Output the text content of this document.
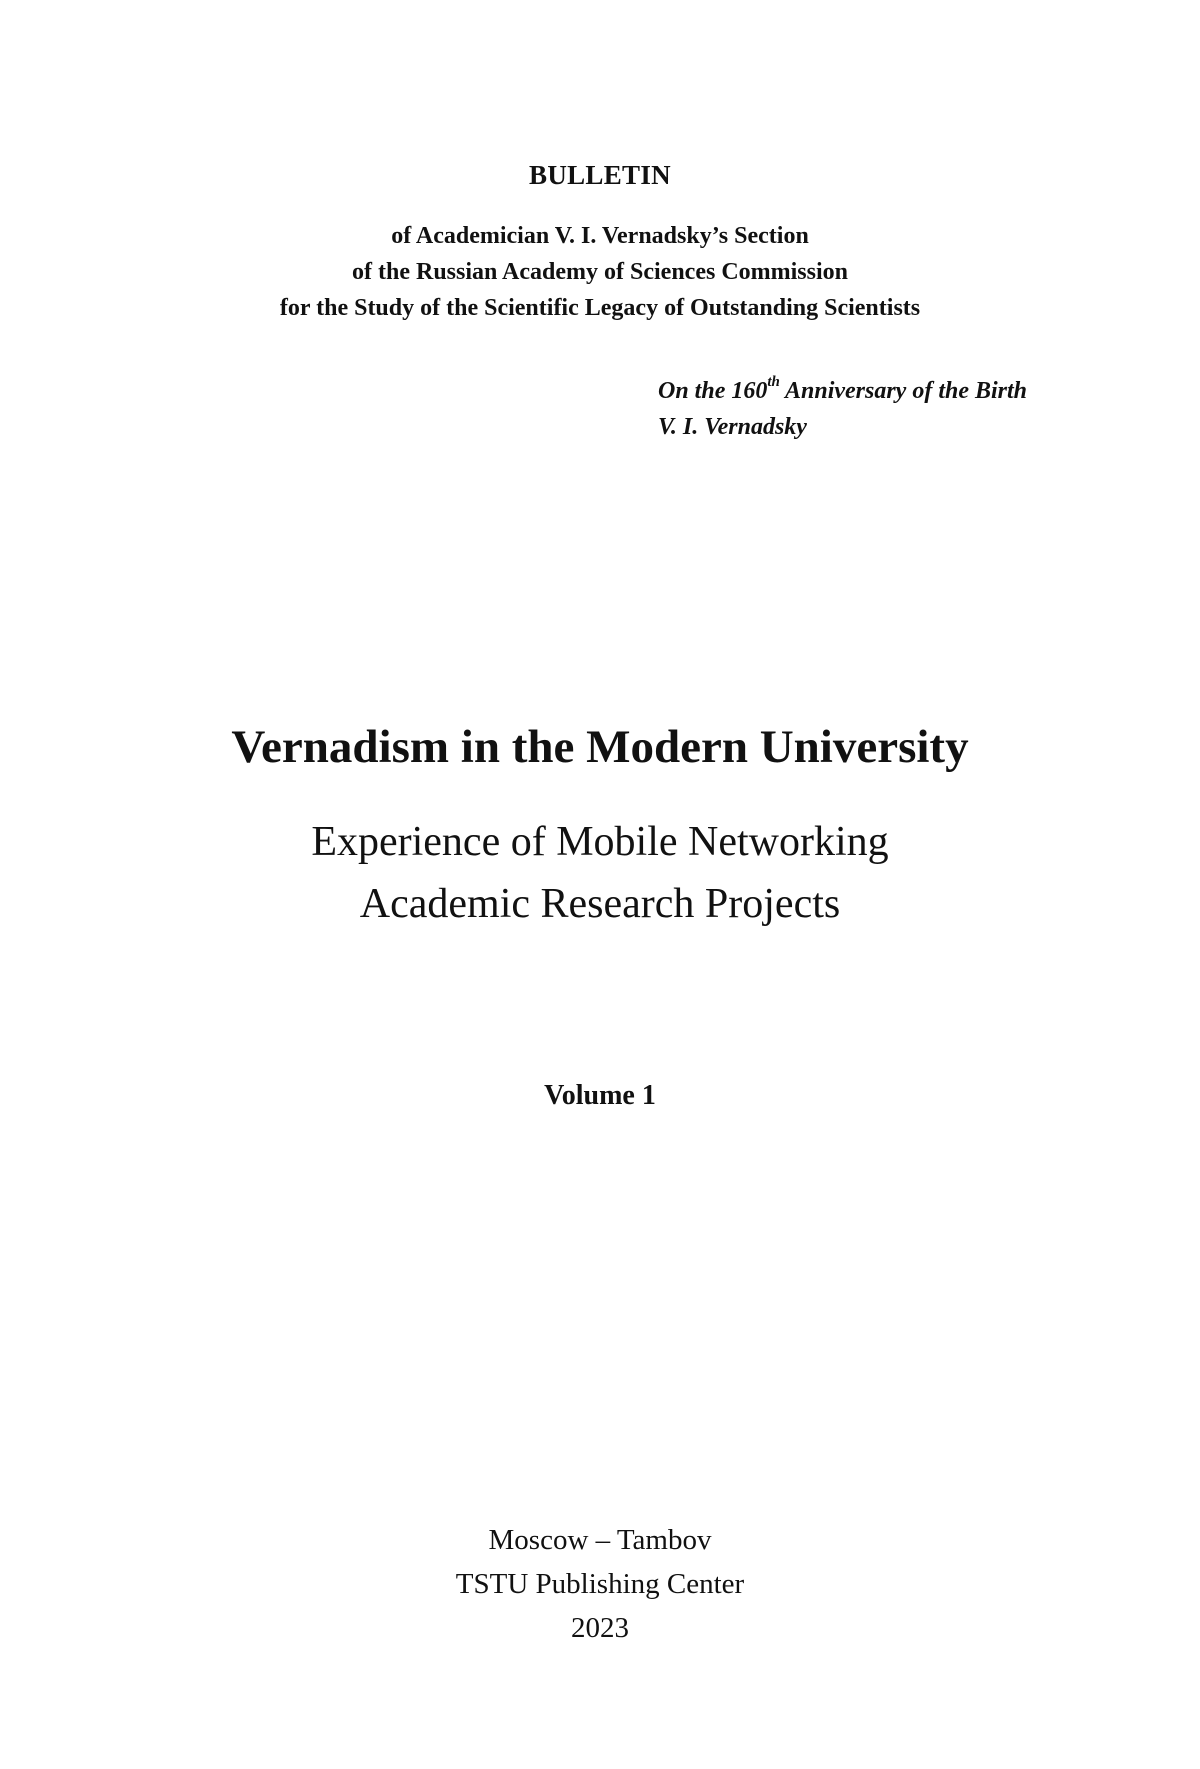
BULLETIN
of Academician V. I. Vernadsky’s Section
of the Russian Academy of Sciences Commission
for the Study of the Scientific Legacy of Outstanding Scientists
On the 160th Anniversary of the Birth
V. I. Vernadsky
Vernadism in the Modern University
Experience of Mobile Networking
Academic Research Projects
Volume 1
Moscow – Tambov
TSTU Publishing Center
2023
